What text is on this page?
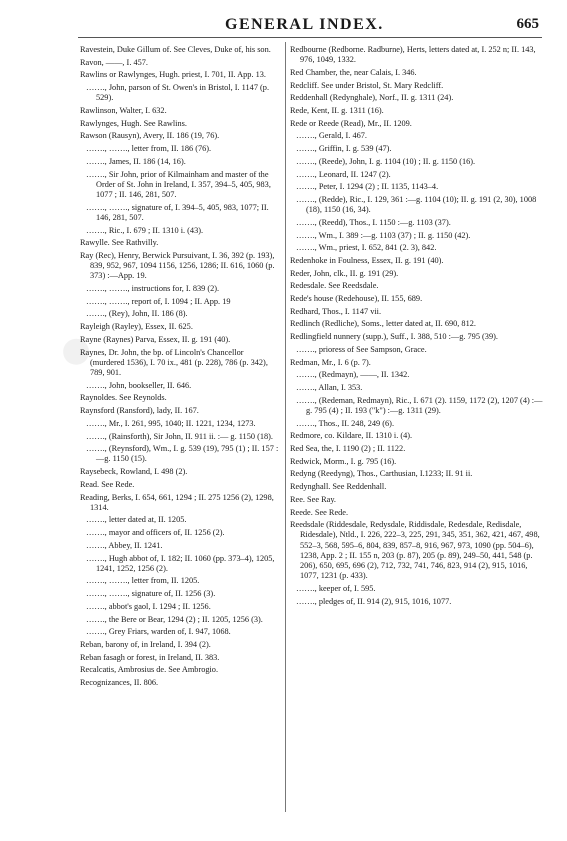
GENERAL INDEX.	665
Ravestein, Duke Gillum of. See Cleves, Duke of, his son.
Ravon, ——, I. 457.
Rawlins or Rawlynges, Hugh. priest, I. 701, II. App. 13.
……., John, parson of St. Owen's in Bristol, I. 1147 (p. 529).
Rawlinson, Walter, I. 632.
Rawlynges, Hugh. See Rawlins.
Rawson (Rausyn), Avery, II. 186 (19, 76).
……., ……., letter from, II. 186 (76).
……., James, II. 186 (14, 16).
……., Sir John, prior of Kilmainham and master of the Order of St. John in Ireland, I. 357, 394–5, 405, 983, 1077 ; II. 146, 281, 507.
……., ……., signature of, I. 394–5, 405, 983, 1077; II. 146, 281, 507.
……., Ric., I. 679 ; II. 1310 i. (43).
Rawylle. See Rathvilly.
Ray (Rec), Henry, Berwick Pursuivant, I. 36, 392 (p. 193), 839, 952, 967, 1094 1156, 1256, 1286; II. 616, 1060 (p. 373) :—App. 19.
……., ……., instructions for, I. 839 (2).
……., ……., report of, I. 1094 ; II. App. 19
……., (Rey), John, II. 186 (8).
Rayleigh (Rayley), Essex, II. 625.
Rayne (Raynes) Parva, Essex, II. g. 191 (40).
Raynes, Dr. John, the bp. of Lincoln's Chancellor (murdered 1536), I. 70 ix., 481 (p. 228), 786 (p. 342), 789, 901.
……., John, bookseller, II. 646.
Raynoldes. See Reynolds.
Raynsford (Ransford), lady, II. 167.
……., Mr., I. 261, 995, 1040; II. 1221, 1234, 1273.
……., (Rainsforth), Sir John, II. 911 ii. :— g. 1150 (18).
……., (Reynsford), Wm., I. g. 539 (19), 795 (1) ; II. 157 :—g. 1150 (15).
Raysebeck, Rowland, I. 498 (2).
Read. See Rede.
Reading, Berks, I. 654, 661, 1294 ; II. 275 1256 (2), 1298, 1314.
……., letter dated at, II. 1205.
……., mayor and officers of, II. 1256 (2).
……., Abbey, II. 1241.
……., Hugh abbot of, I. 182; II. 1060 (pp. 373–4), 1205, 1241, 1252, 1256 (2).
……., ……., letter from, II. 1205.
……., ……., signature of, II. 1256 (3).
……., abbot's gaol, I. 1294 ; II. 1256.
……., the Bere or Bear, 1294 (2) ; II. 1205, 1256 (3).
……., Grey Friars, warden of, I. 947, 1068.
Reban, barony of, in Ireland, I. 394 (2).
Reban fasagh or forest, in Ireland, II. 383.
Recalcatis, Ambrosius de. See Ambrogio.
Recognizances, II. 806.
Redbourne (Redborne. Radburne), Herts, letters dated at, I. 252 n; II. 143, 976, 1049, 1332.
Red Chamber, the, near Calais, I. 346.
Redcliff. See under Bristol, St. Mary Redcliff.
Reddenhall (Redynghale), Norf., II. g. 1311 (24).
Rede, Kent, II. g. 1311 (16).
Rede or Reede (Read), Mr., II. 1209.
……., Gerald, I. 467.
……., Griffin, I. g. 539 (47).
……., (Reede), John, I. g. 1104 (10) ; II. g. 1150 (16).
……., Leonard, II. 1247 (2).
……., Peter, I. 1294 (2) ; II. 1135, 1143–4.
……., (Redde), Ric., I. 129, 361 :—g. 1104 (10); II. g. 191 (2, 30), 1008 (18), 1150 (16, 34).
……., (Reedd), Thos., I. 1150 :—g. 1103 (37).
……., Wm., I. 389 :—g. 1103 (37) ; II. g. 1150 (42).
……., Wm., priest, I. 652, 841 (2. 3), 842.
Redenhoke in Foulness, Essex, II. g. 191 (40).
Reder, John, clk., II. g. 191 (29).
Redesdale. See Reedsdale.
Rede's house (Redehouse), II. 155, 689.
Redhard, Thos., I. 1147 vii.
Redlinch (Redliche), Soms., letter dated at, II. 690, 812.
Redlingfield nunnery (supp.), Suff., I. 388, 510 :—g. 795 (39).
……., prioress of See Sampson, Grace.
Redman, Mr., I. 6 (p. 7).
……., (Redmayn), ——, II. 1342.
……., Allan, I. 353.
……., (Redeman, Redmayn), Ric., I. 671 (2). 1159, 1172 (2), 1207 (4) :—g. 795 (4) ; II. 193 ("k") :—g. 1311 (29).
……., Thos., II. 248, 249 (6).
Redmore, co. Kildare, II. 1310 i. (4).
Red Sea, the, I. 1190 (2) ; II. 1122.
Redwick, Morm., I. g. 795 (16).
Redyng (Reedyng), Thos., Carthusian, I.1233; II. 91 ii.
Redynghall. See Reddenhall.
Ree. See Ray.
Reede. See Rede.
Reedsdale (Riddesdale, Redysdale, Riddisdale, Redesdale, Redisdale, Ridesdale), Ntld., I. 226, 222–3, 225, 291, 345, 351, 362, 421, 467, 498, 552–3, 568, 595–6, 804, 839, 857–8, 916, 967, 973, 1090 (pp. 504–6), 1238, App. 2 ; II. 155 n, 203 (p. 87), 205 (p. 89), 249–50, 441, 548 (p. 206), 650, 695, 696 (2), 712, 732, 741, 746, 823, 914 (2), 915, 1016, 1077, 1231 (p. 433).
……., keeper of, I. 595.
……., pledges of, II. 914 (2), 915, 1016, 1077.
●
